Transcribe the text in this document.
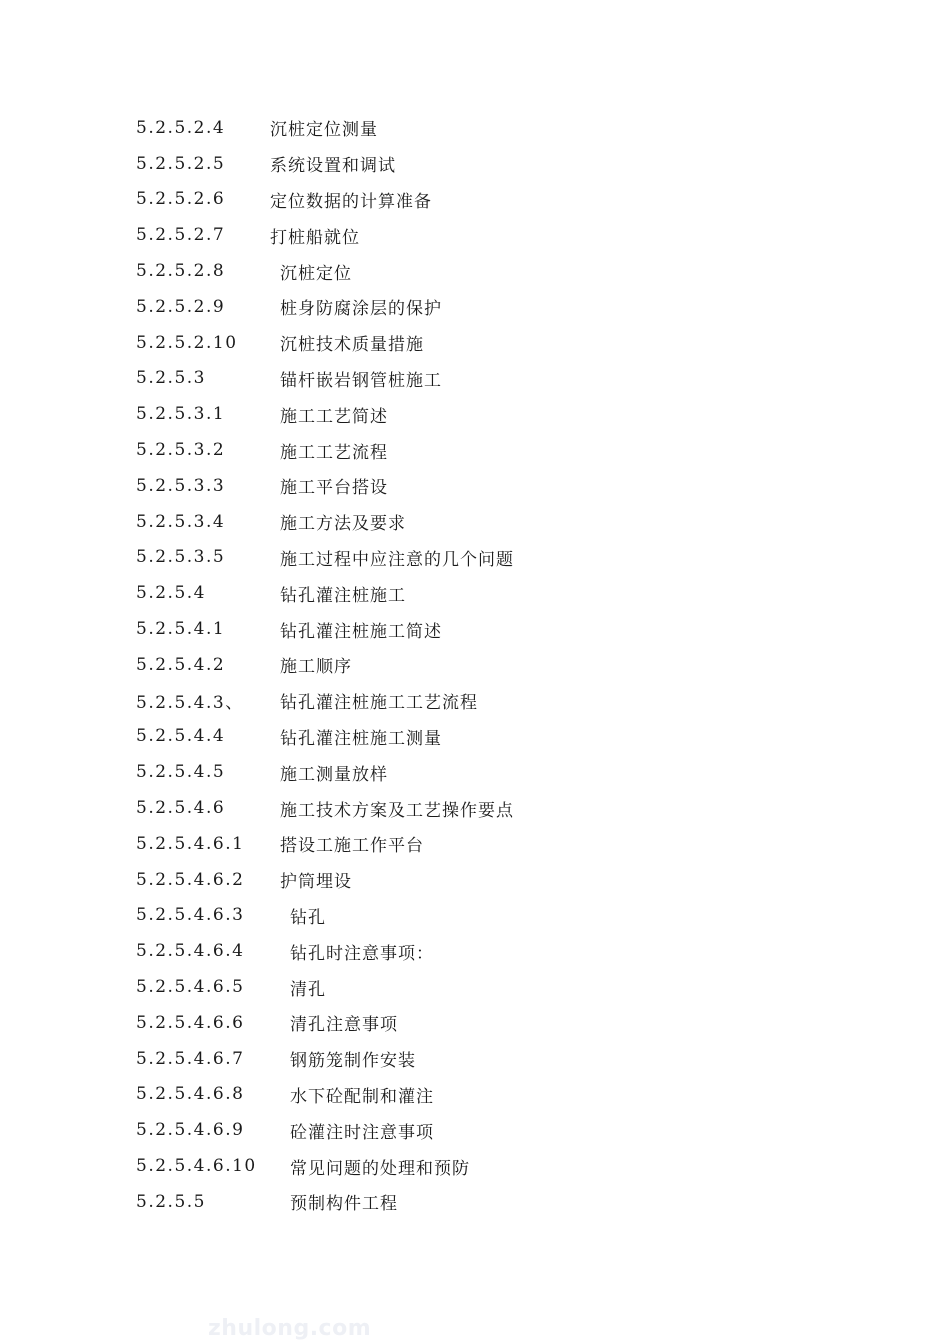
5.2.5.2.4	沉桩定位测量
5.2.5.2.5	系统设置和调试
5.2.5.2.6	定位数据的计算准备
5.2.5.2.7	打桩船就位
5.2.5.2.8	沉桩定位
5.2.5.2.9	桩身防腐涂层的保护
5.2.5.2.10 沉桩技术质量措施
5.2.5.3	锚杆嵌岩钢管桩施工
5.2.5.3.1	施工工艺简述
5.2.5.3.2	施工工艺流程
5.2.5.3.3	施工平台搭设
5.2.5.3.4	施工方法及要求
5.2.5.3.5	施工过程中应注意的几个问题
5.2.5.4	钻孔灌注桩施工
5.2.5.4.1	钻孔灌注桩施工简述
5.2.5.4.2	施工顺序
5.2.5.4.3、 钻孔灌注桩施工工艺流程
5.2.5.4.4	钻孔灌注桩施工测量
5.2.5.4.5	施工测量放样
5.2.5.4.6	施工技术方案及工艺操作要点
5.2.5.4.6.1 搭设工施工作平台
5.2.5.4.6.2 护筒埋设
5.2.5.4.6.3	钻孔
5.2.5.4.6.4	钻孔时注意事项：
5.2.5.4.6.5	清孔
5.2.5.4.6.6	清孔注意事项
5.2.5.4.6.7	钢筋笼制作安装
5.2.5.4.6.8	水下砼配制和灌注
5.2.5.4.6.9	砼灌注时注意事项
5.2.5.4.6.10 常见问题的处理和预防
5.2.5.5	预制构件工程
zhulong.com
